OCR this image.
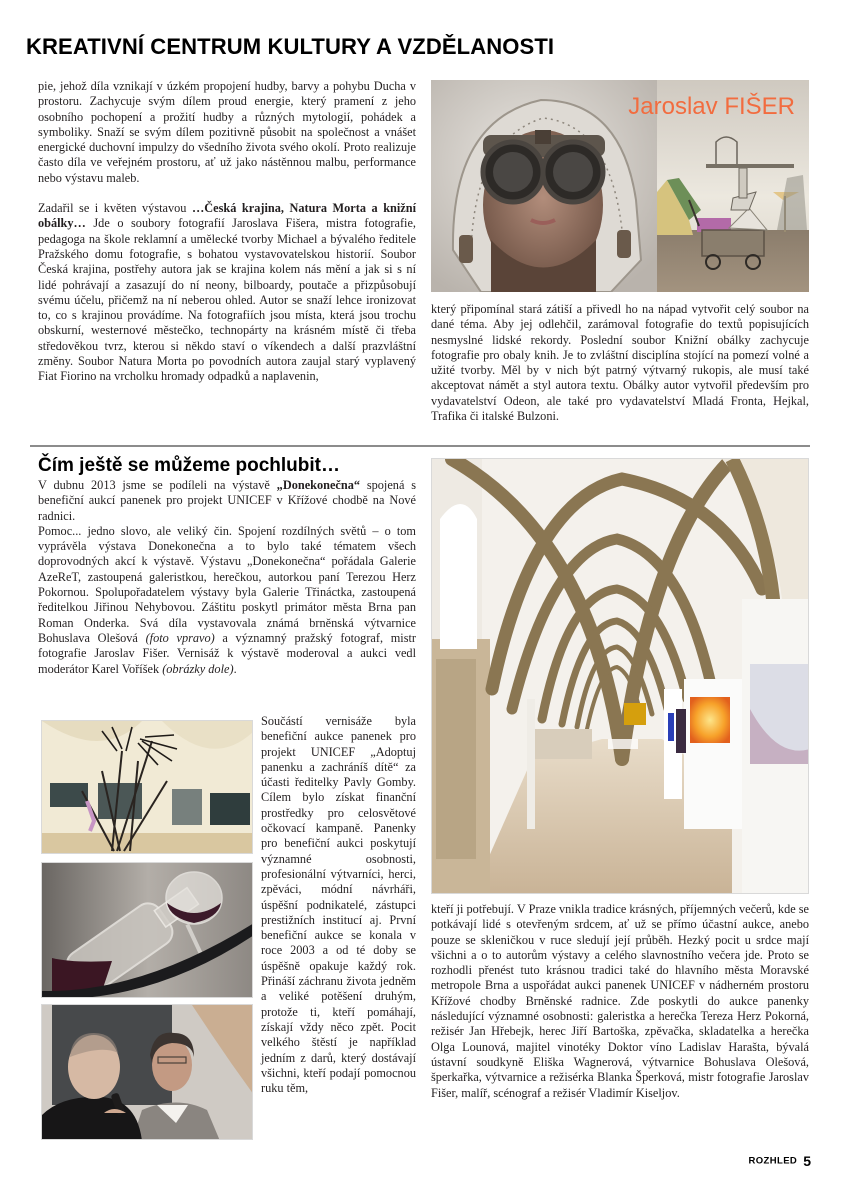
KREATIVNÍ CENTRUM KULTURY A VZDĚLANOSTI

pie, jehož díla vznikají v úzkém propojení hudby, barvy a pohybu Ducha v prostoru. Zachycuje svým dílem proud energie, který pramení z jeho osobního pochopení a prožití hudby a různých mytologií, pohádek a symboliky. Snaží se svým dílem pozitivně působit na společnost a vnášet energické duchovní impulzy do všedního života svého okolí. Proto realizuje často díla ve veřejném prostoru, ať už jako nástěnnou malbu, performance nebo výstavu maleb.

Zadařil se i květen výstavou …Česká krajina, Natura Morta a knižní obálky… Jde o soubory fotografií Jaroslava Fišera, mistra fotografie, pedagoga na škole reklamní a umělecké tvorby Michael a bývalého ředitele Pražského domu fotografie, s bohatou vystavovatelskou historií. Soubor Česká krajina, postřehy autora jak se krajina kolem nás mění a jak si s ní lidé pohrávají a zasazují do ní neony, bilboardy, poutače a přizpůsobují svému účelu, přičemž na ní neberou ohled. Autor se snaží lehce ironizovat to, co s krajinou provádíme. Na fotografiích jsou místa, která jsou trochu obskurní, westernové městečko, technopárty na krásném místě či třeba středověkou tvrz, kterou si někdo staví o víkendech a další prazvláštní změny. Soubor Natura Morta po povodních autora zaujal starý vyplavený Fiat Fiorino na vrcholku hromady odpadků a naplavenin,

Jaroslav FIŠER

který připomínal stará zátiší a přivedl ho na nápad vytvořit celý soubor na dané téma. Aby jej odlehčil, zarámoval fotografie do textů popisujících nesmyslné lidské rekordy. Poslední soubor Knižní obálky zachycuje fotografie pro obaly knih. Je to zvláštní disciplína stojící na pomezí volné a užité tvorby. Měl by v nich být patrný výtvarný rukopis, ale musí také akceptovat námět a styl autora textu. Obálky autor vytvořil především pro vydavatelství Odeon, ale také pro vydavatelství Mladá Fronta, Hejkal, Trafika či italské Bulzoni.

Čím ještě se můžeme pochlubit…

V dubnu 2013 jsme se podíleli na výstavě „Donekonečna“ spojená s benefiční aukcí panenek pro projekt UNICEF v Křížové chodbě na Nové radnici.

Pomoc... jedno slovo, ale veliký čin. Spojení rozdílných světů – o tom vyprávěla výstava Donekonečna a to bylo také tématem všech doprovodných akcí k výstavě. Výstavu „Donekonečna“ pořádala Galerie AzeReT, zastoupená galeristkou, herečkou, autorkou paní Terezou Herz Pokornou. Spolupořadatelem výstavy byla Galerie Třináctka, zastoupená ředitelkou Jiřinou Nehybovou. Záštitu poskytl primátor města Brna pan Roman Onderka. Svá díla vystavovala známá brněnská výtvarnice Bohuslava Olešová (foto vpravo) a významný pražský fotograf, mistr fotografie Jaroslav Fišer. Vernisáž k výstavě moderoval a aukci vedl moderátor Karel Voříšek (obrázky dole).

Součástí vernisáže byla benefiční aukce panenek pro projekt UNICEF „Adoptuj panenku a zachráníš dítě“ za účasti ředitelky Pavly Gomby. Cílem bylo získat finanční prostředky pro celosvětové očkovací kampaně. Panenky pro benefiční aukci poskytují významné osobnosti, profesionální výtvarníci, herci, zpěváci, módní návrháři, úspěšní podnikatelé, zástupci prestižních institucí aj. První benefiční aukce se konala v roce 2003 a od té doby se úspěšně opakuje každý rok. Přináší záchranu života jedněm a veliké potěšení druhým, protože ti, kteří pomáhají, získají vždy něco zpět. Pocit velkého štěstí je například jedním z darů, který dostávají všichni, kteří podají pomocnou ruku těm,

kteří ji potřebují. V Praze vnikla tradice krásných, příjemných večerů, kde se potkávají lidé s otevřeným srdcem, ať už se přímo účastní aukce, anebo pouze se skleničkou v ruce sledují její průběh. Hezký pocit u srdce mají všichni a o to autorům výstavy a celého slavnostního večera jde. Proto se rozhodli přenést tuto krásnou tradici také do hlavního města Moravské metropole Brna a uspořádat aukci panenek UNICEF v nádherném prostoru Křížové chodby Brněnské radnice. Zde poskytli do aukce panenky následující významné osobnosti: galeristka a herečka Tereza Herz Pokorná, režisér Jan Hřebejk, herec Jiří Bartoška, zpěvačka, skladatelka a herečka Olga Lounová, majitel vinotéky Doktor víno Ladislav Harašta, bývalá ústavní soudkyně Eliška Wagnerová, výtvarnice Bohuslava Olešová, šperkařka, výtvarnice a režisérka Blanka Šperková, mistr fotografie Jaroslav Fišer, malíř, scénograf a režisér Vladimír Kiseljov.

ROZHLED 5
